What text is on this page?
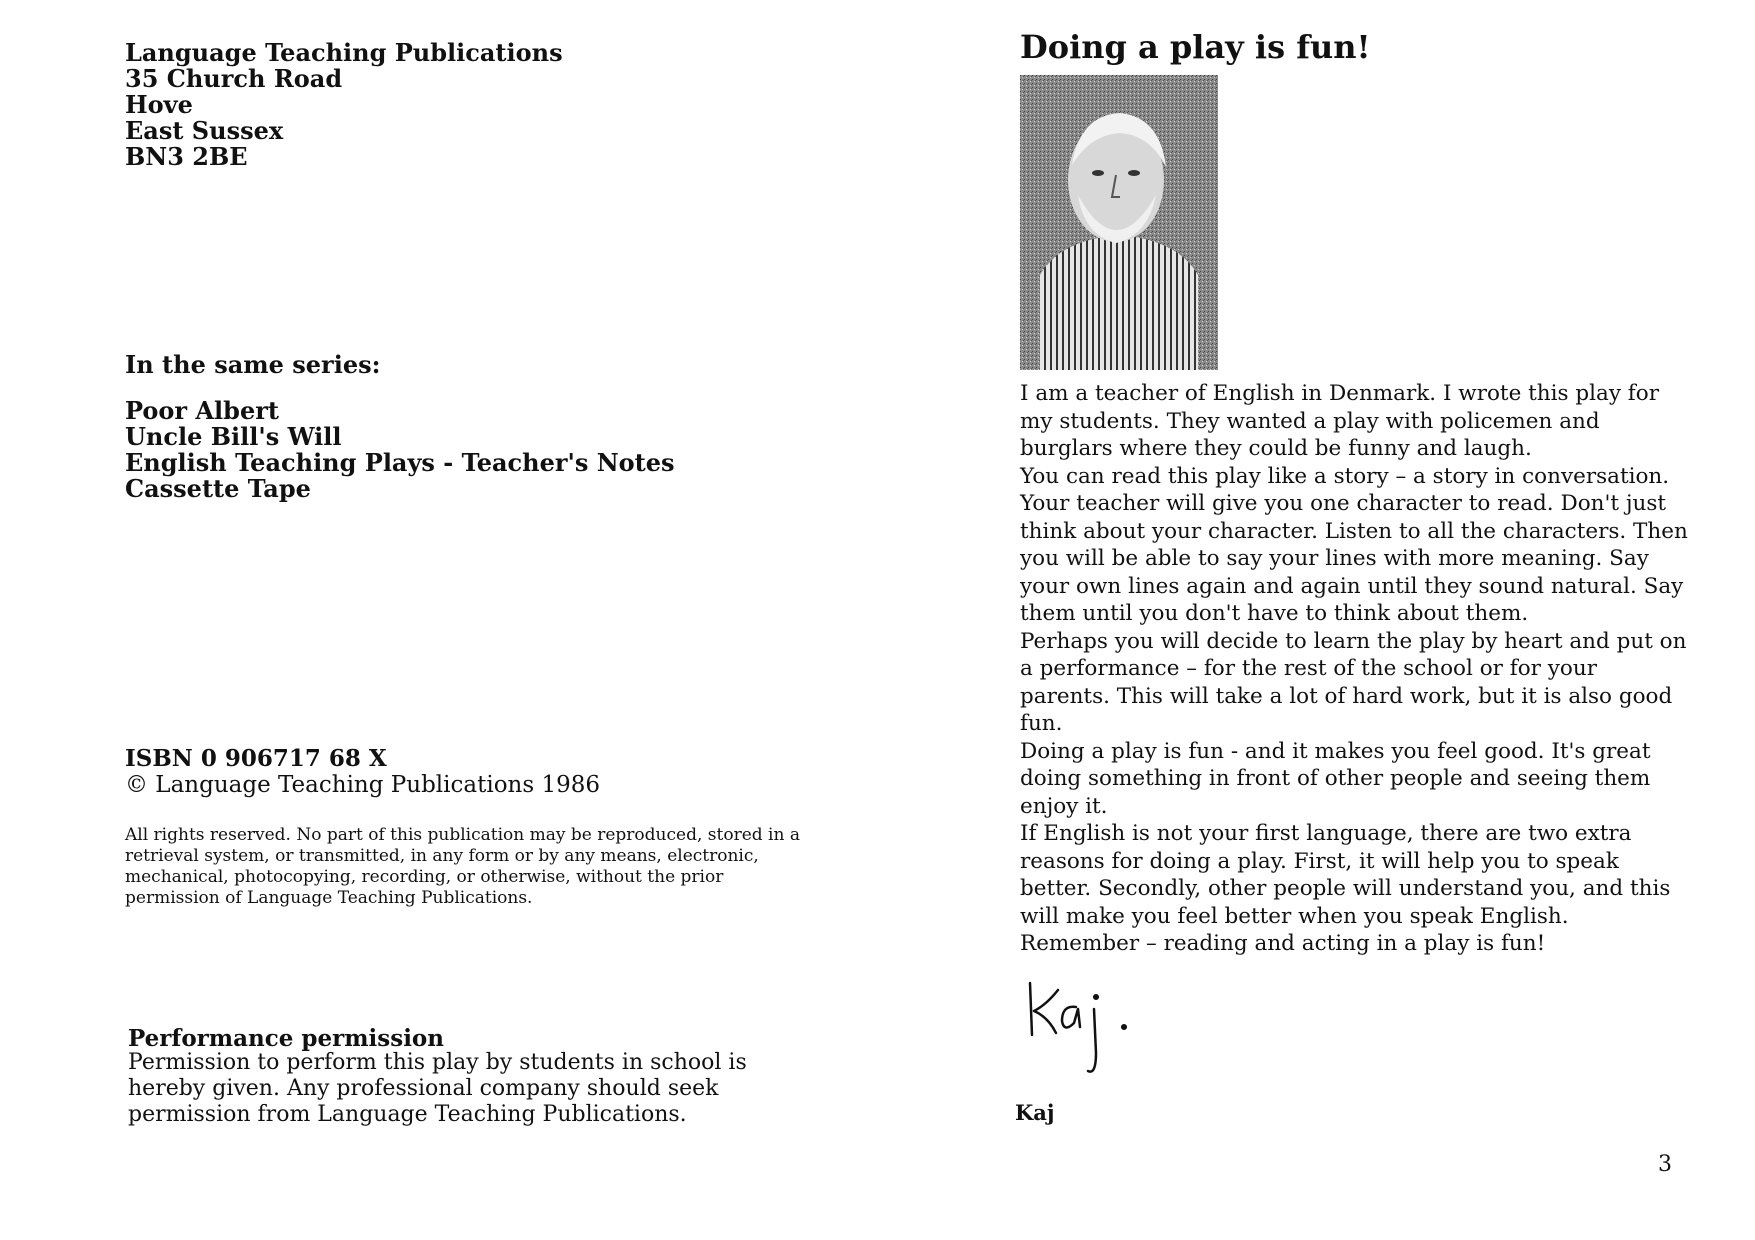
Language Teaching Publications
35 Church Road
Hove
East Sussex
BN3 2BE
In the same series:
Poor Albert
Uncle Bill's Will
English Teaching Plays - Teacher's Notes
Cassette Tape
ISBN 0 906717 68 X
© Language Teaching Publications 1986
All rights reserved. No part of this publication may be reproduced, stored in a retrieval system, or transmitted, in any form or by any means, electronic, mechanical, photocopying, recording, or otherwise, without the prior permission of Language Teaching Publications.
Performance permission
Permission to perform this play by students in school is hereby given. Any professional company should seek permission from Language Teaching Publications.
Doing a play is fun!

I am a teacher of English in Denmark. I wrote this play for my students. They wanted a play with policemen and burglars where they could be funny and laugh.

You can read this play like a story – a story in conversation. Your teacher will give you one character to read. Don't just think about your character. Listen to all the characters. Then you will be able to say your lines with more meaning. Say your own lines again and again until they sound natural. Say them until you don't have to think about them.

Perhaps you will decide to learn the play by heart and put on a performance – for the rest of the school or for your parents. This will take a lot of hard work, but it is also good fun.

Doing a play is fun - and it makes you feel good. It's great doing something in front of other people and seeing them enjoy it.

If English is not your first language, there are two extra reasons for doing a play. First, it will help you to speak better. Secondly, other people will understand you, and this will make you feel better when you speak English.

Remember – reading and acting in a play is fun!

Kaj
3
